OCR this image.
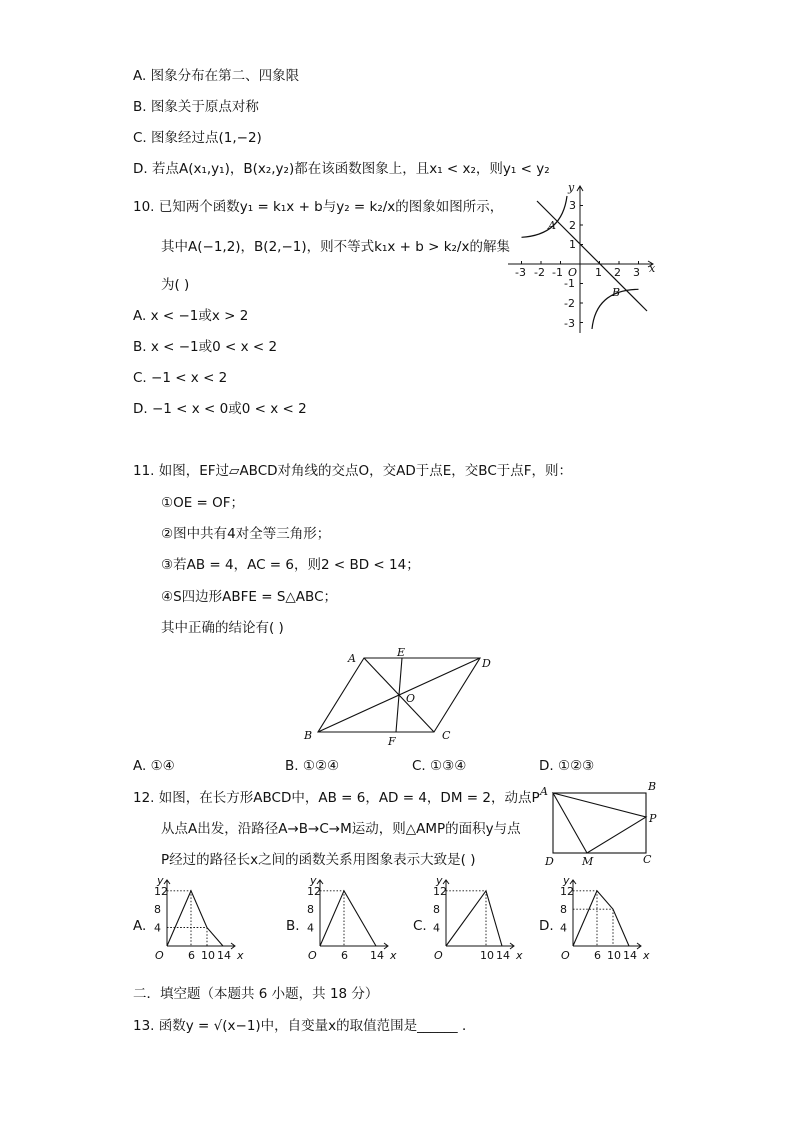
A. 图象分布在第二、四象限
B. 图象关于原点对称
C. 图象经过点(1,−2)
D. 若点A(x₁,y₁)，B(x₂,y₂)都在该函数图象上，且x₁ < x₂，则y₁ < y₂
10. 已知两个函数y₁ = k₁x + b与y₂ = k₂/x的图象如图所示，
其中A(−1,2)，B(2,−1)，则不等式k₁x + b > k₂/x的解集
为( )
A. x < −1或x > 2
B. x < −1或0 < x < 2
C. −1 < x < 2
D. −1 < x < 0或0 < x < 2
-3 -2 -1 O 1 2 3 x
y
3
2
1
-1
-2
-3
A
B
11. 如图，EF过▱ABCD对角线的交点O，交AD于点E，交BC于点F，则：
①OE = OF；
②图中共有4对全等三角形；
③若AB = 4，AC = 6，则2 < BD < 14；
④S四边形ABFE = S△ABC；
其中正确的结论有( )
A	E
D
O
B	F	C
A. ①④	B. ①②④	C. ①③④	D. ①②③
12. 如图，在长方形ABCD中，AB = 6，AD = 4，DM = 2，动点P
从点A出发，沿路径A→B→C→M运动，则△AMP的面积y与点
P经过的路径长x之间的函数关系用图象表示大致是( )
A	B
P
C
D	M
12
8
4
6 10 14
O	x
y
12
8
4
6 14
O	x
y
12
8
4
10 14
O	x
y
12
8
4
6 10 14
O	x
y
A.	B.	C.	D.
二．填空题（本题共 6 小题，共 18 分）
13. 函数y = √(x−1)中，自变量x的取值范围是______ ．
